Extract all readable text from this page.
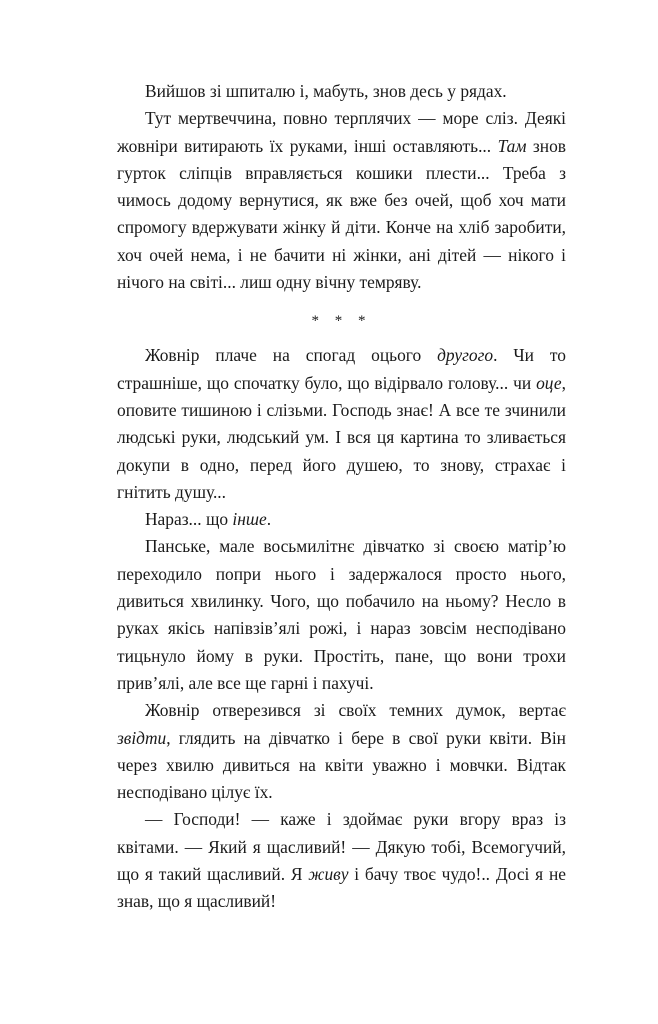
Вийшов зі шпиталю і, мабуть, знов десь у рядах.

Тут мертвеччина, повно терплячих — море сліз. Деякі жовніри витирають їх руками, інші оставляють... Там знов гурток сліпців вправляється кошики плести... Треба з чимось додому вернутися, як вже без очей, щоб хоч мати спромогу вдержувати жінку й діти. Конче на хліб заробити, хоч очей нема, і не бачити ні жінки, ані дітей — нікого і нічого на світі... лиш одну вічну темряву.

* * *

Жовнір плаче на спогад оцього другого. Чи то страшніше, що спочатку було, що відірвало голову... чи оце, оповите тишиною і слізьми. Господь знає! А все те зчинили людські руки, людський ум. І вся ця картина то зливається докупи в одно, перед його душею, то знову, страхає і гнітить душу...

Нараз... що інше.

Панське, мале восьмилітнє дівчатко зі своєю матір’ю переходило попри нього і задержалося просто нього, дивиться хвилинку. Чого, що побачило на ньому? Несло в руках якісь напівзів’ялі рожі, і нараз зовсім несподівано тицьнуло йому в руки. Простіть, пане, що вони трохи прив’ялі, але все ще гарні і пахучі.

Жовнір отверезився зі своїх темних думок, вертає звідти, глядить на дівчатко і бере в свої руки квіти. Він через хвилю дивиться на квіти уважно і мовчки. Відтак несподівано цілує їх.

— Господи! — каже і здоймає руки вгору враз із квітами. — Який я щасливий! — Дякую тобі, Всемогучий, що я такий щасливий. Я живу і бачу твоє чудо!.. Досі я не знав, що я щасливий!
